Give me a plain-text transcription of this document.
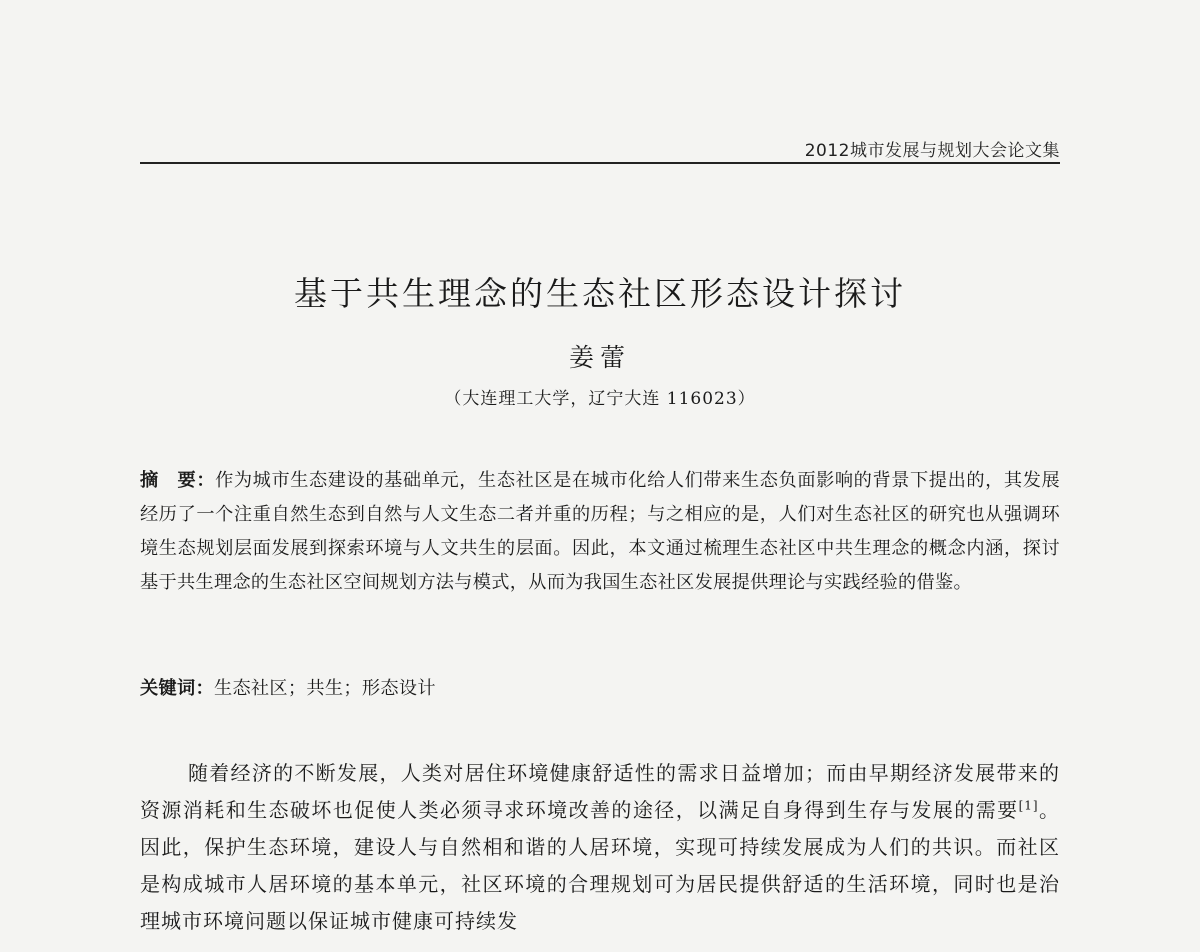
2012城市发展与规划大会论文集
基于共生理念的生态社区形态设计探讨
姜蕾
（大连理工大学，辽宁大连 116023）
摘　要：作为城市生态建设的基础单元，生态社区是在城市化给人们带来生态负面影响的背景下提出的，其发展经历了一个注重自然生态到自然与人文生态二者并重的历程；与之相应的是，人们对生态社区的研究也从强调环境生态规划层面发展到探索环境与人文共生的层面。因此，本文通过梳理生态社区中共生理念的概念内涵，探讨基于共生理念的生态社区空间规划方法与模式，从而为我国生态社区发展提供理论与实践经验的借鉴。
关键词：生态社区；共生；形态设计
随着经济的不断发展，人类对居住环境健康舒适性的需求日益增加；而由早期经济发展带来的资源消耗和生态破坏也促使人类必须寻求环境改善的途径，以满足自身得到生存与发展的需要[1]。因此，保护生态环境，建设人与自然相和谐的人居环境，实现可持续发展成为人们的共识。而社区是构成城市人居环境的基本单元，社区环境的合理规划可为居民提供舒适的生活环境，同时也是治理城市环境问题以保证城市健康可持续发
